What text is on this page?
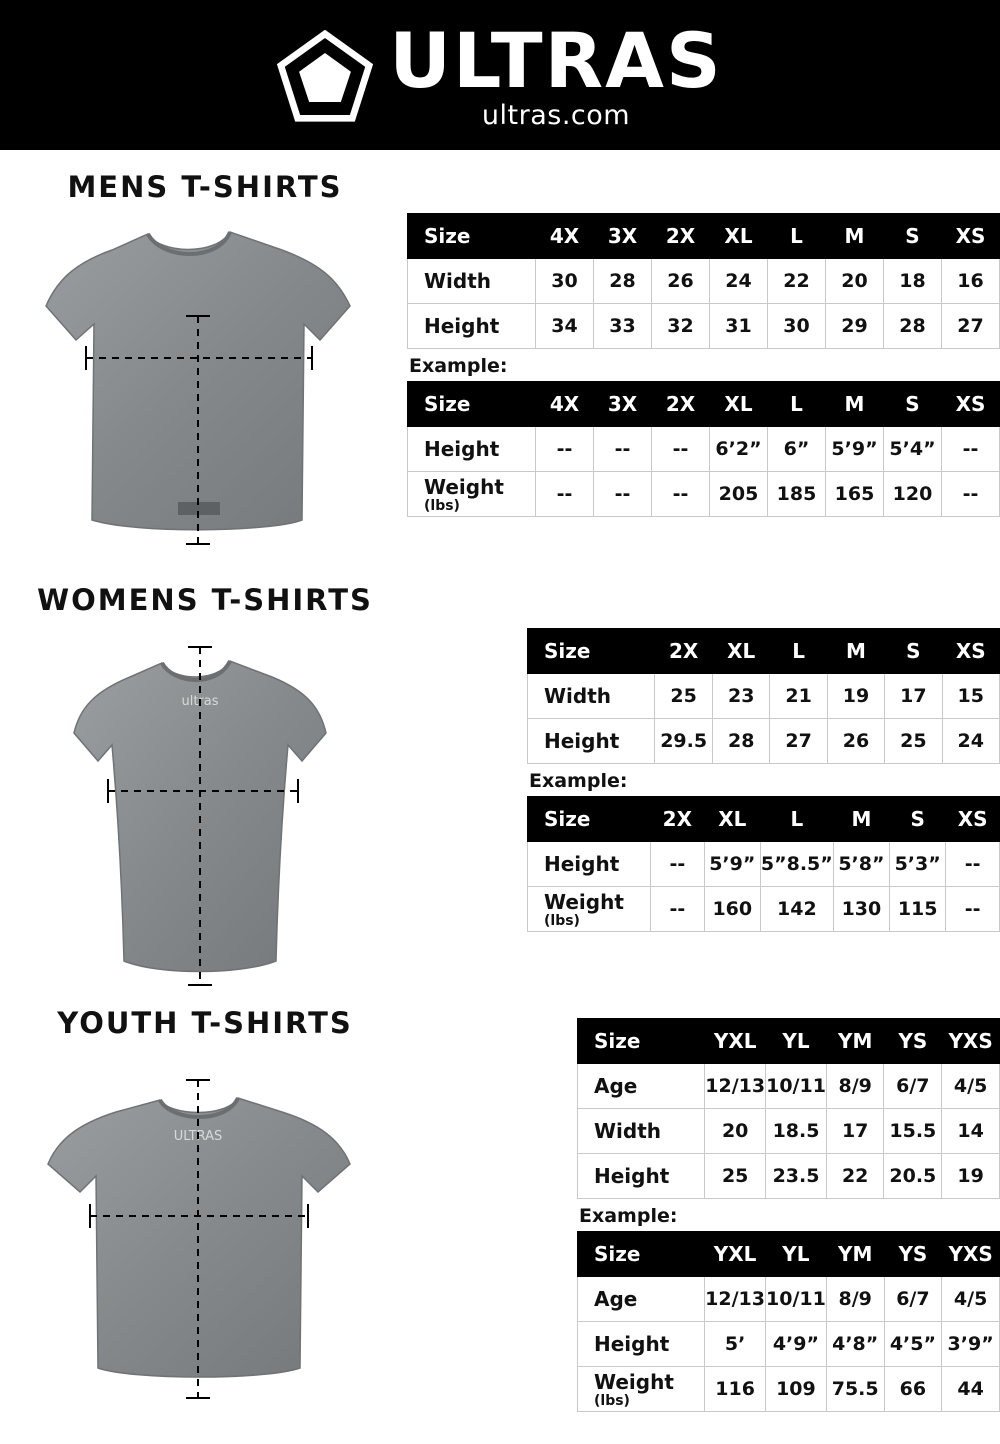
ULTRAS
ultras.com
MENS T-SHIRTS
Size	4X	3X	2X	XL	L	M	S	XS
Width	30	28	26	24	22	20	18	16
Height	34	33	32	31	30	29	28	27
Example:
Size	4X	3X	2X	XL	L	M	S	XS
Height	--	--	--	6’2”	6”	5’9”	5’4”	--
Weight
(lbs)	--	--	--	205	185	165	120	--
WOMENS T-SHIRTS
ultras
Size	2X	XL	L	M	S	XS
Width	25	23	21	19	17	15
Height	29.5	28	27	26	25	24
Example:
Size	2X	XL	L	M	S	XS
Height	--	5’9”	5”8.5”	5’8”	5’3”	--
Weight
(lbs)	--	160	142	130	115	--
YOUTH T-SHIRTS
ULTRAS
Size	YXL	YL	YM	YS	YXS
Age	12/13	10/11	8/9	6/7	4/5
Width	20	18.5	17	15.5	14
Height	25	23.5	22	20.5	19
Example:
Size	YXL	YL	YM	YS	YXS
Age	12/13	10/11	8/9	6/7	4/5
Height	5’	4’9”	4’8”	4’5”	3’9”
Weight
(lbs)	116	109	75.5	66	44
